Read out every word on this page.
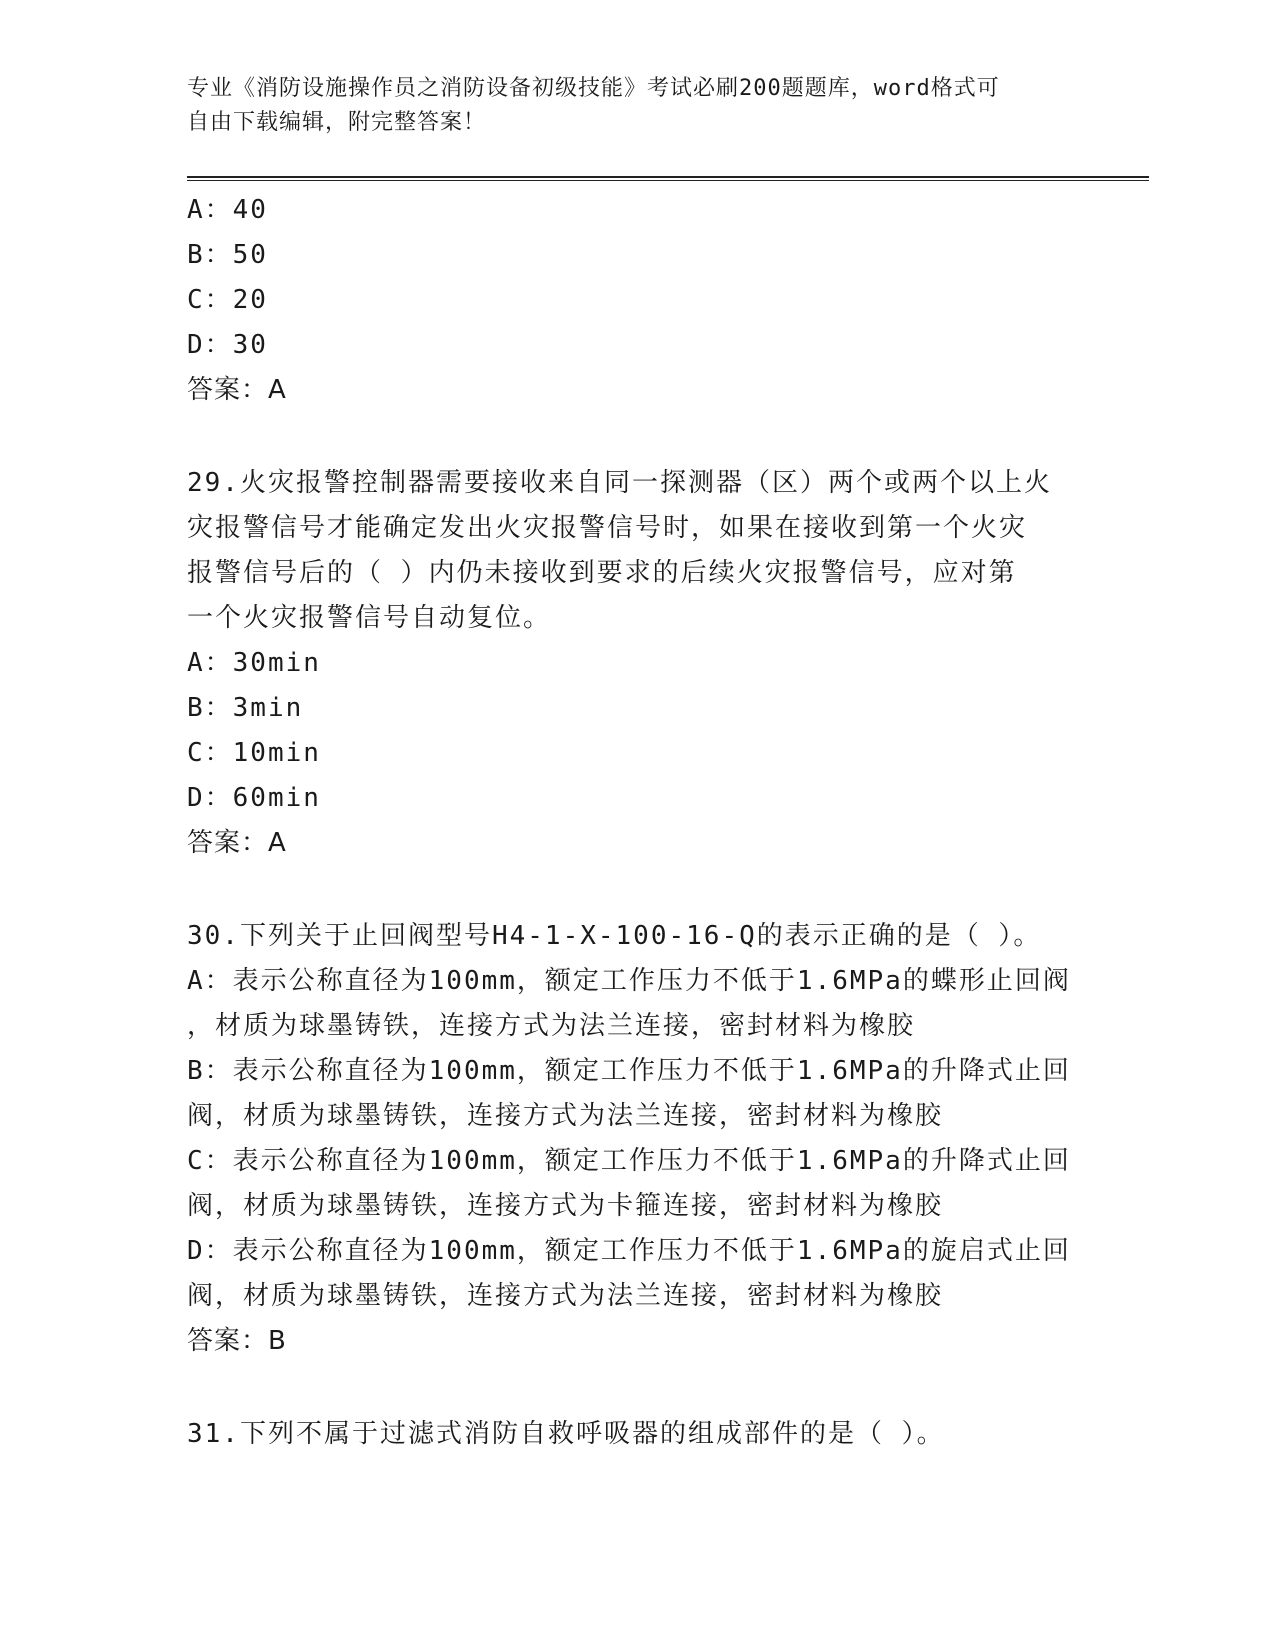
专业《消防设施操作员之消防设备初级技能》考试必刷200题题库，word格式可
自由下载编辑，附完整答案！
A：40
B：50
C：20
D：30
答案：A
29.火灾报警控制器需要接收来自同一探测器（区）两个或两个以上火
灾报警信号才能确定发出火灾报警信号时，如果在接收到第一个火灾
报警信号后的（ ）内仍未接收到要求的后续火灾报警信号，应对第
一个火灾报警信号自动复位。
A：30min
B：3min
C：10min
D：60min
答案：A
30.下列关于止回阀型号H4-1-X-100-16-Q的表示正确的是（ ）。
A：表示公称直径为100mm，额定工作压力不低于1.6MPa的蝶形止回阀
，材质为球墨铸铁，连接方式为法兰连接，密封材料为橡胶
B：表示公称直径为100mm，额定工作压力不低于1.6MPa的升降式止回
阀，材质为球墨铸铁，连接方式为法兰连接，密封材料为橡胶
C：表示公称直径为100mm，额定工作压力不低于1.6MPa的升降式止回
阀，材质为球墨铸铁，连接方式为卡箍连接，密封材料为橡胶
D：表示公称直径为100mm，额定工作压力不低于1.6MPa的旋启式止回
阀，材质为球墨铸铁，连接方式为法兰连接，密封材料为橡胶
答案：B
31.下列不属于过滤式消防自救呼吸器的组成部件的是（ ）。
